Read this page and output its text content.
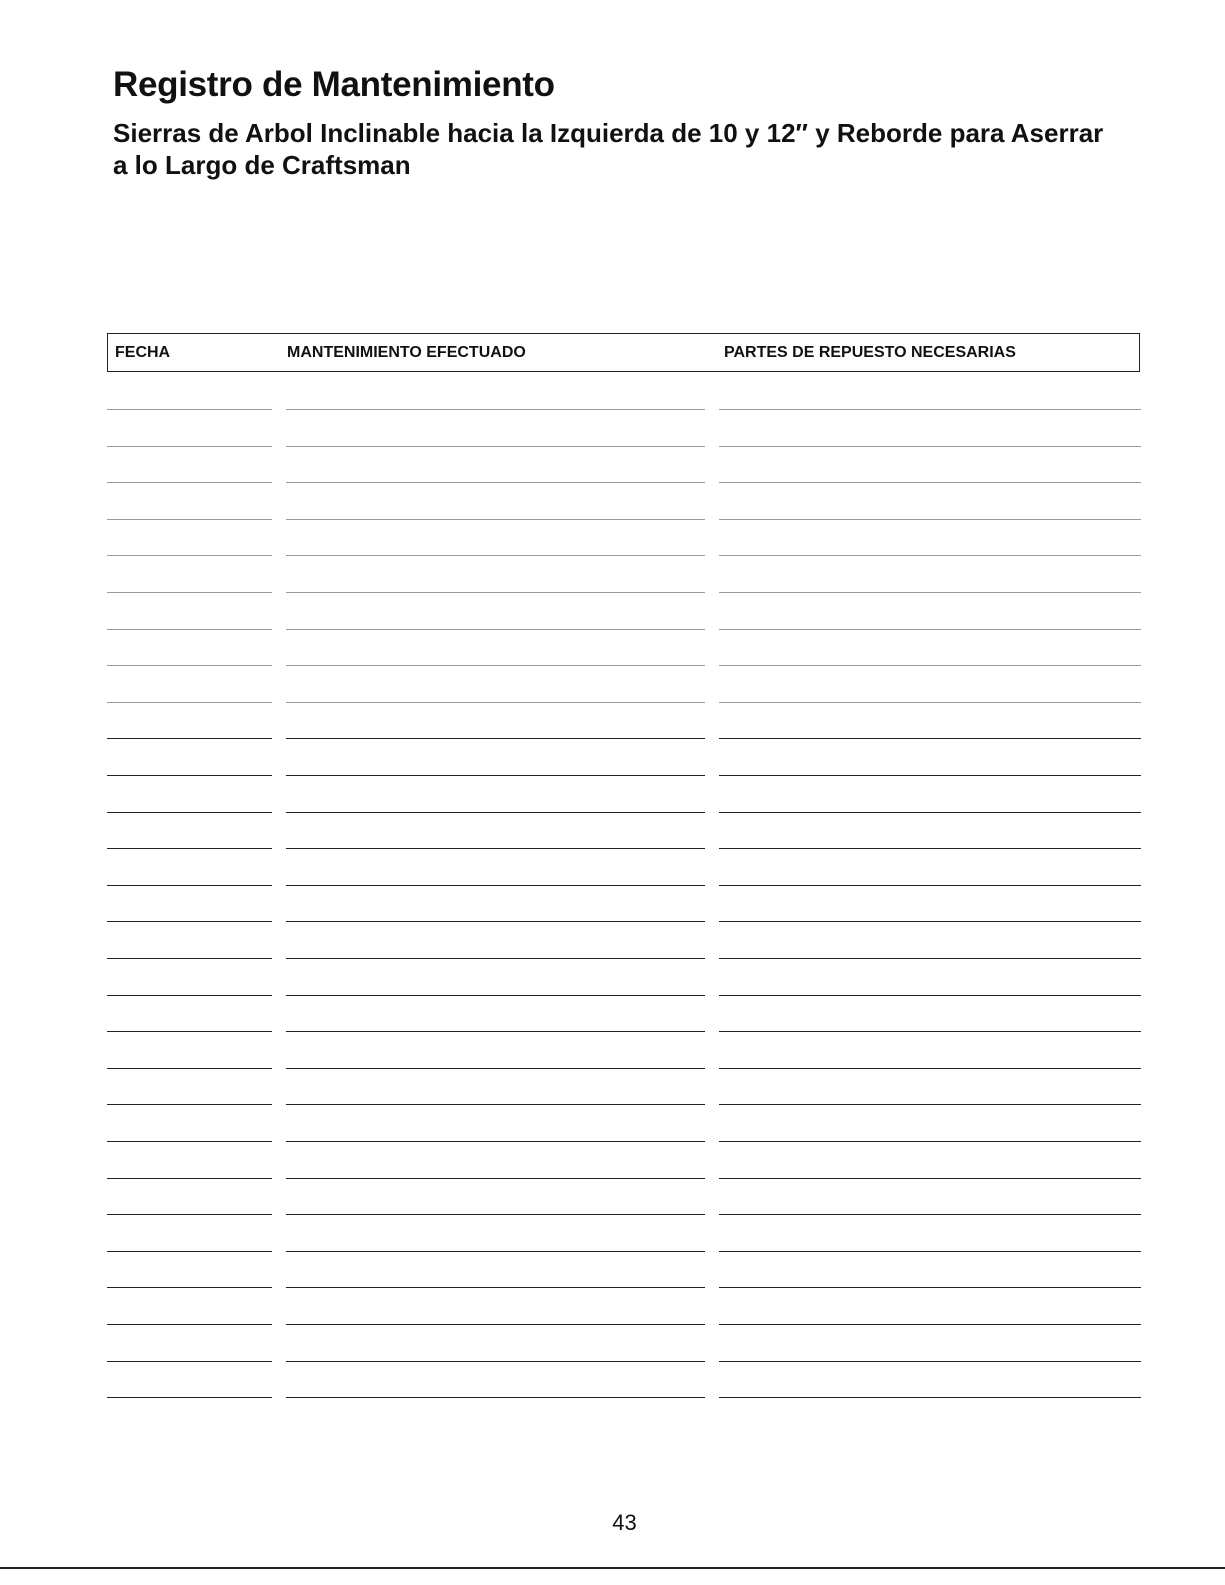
Registro de Mantenimiento
Sierras de Arbol Inclinable hacia la Izquierda de 10 y 12″ y Reborde para Aserrar a lo Largo de Craftsman
FECHA	MANTENIMIENTO EFECTUADO	PARTES DE REPUESTO NECESARIAS
43
